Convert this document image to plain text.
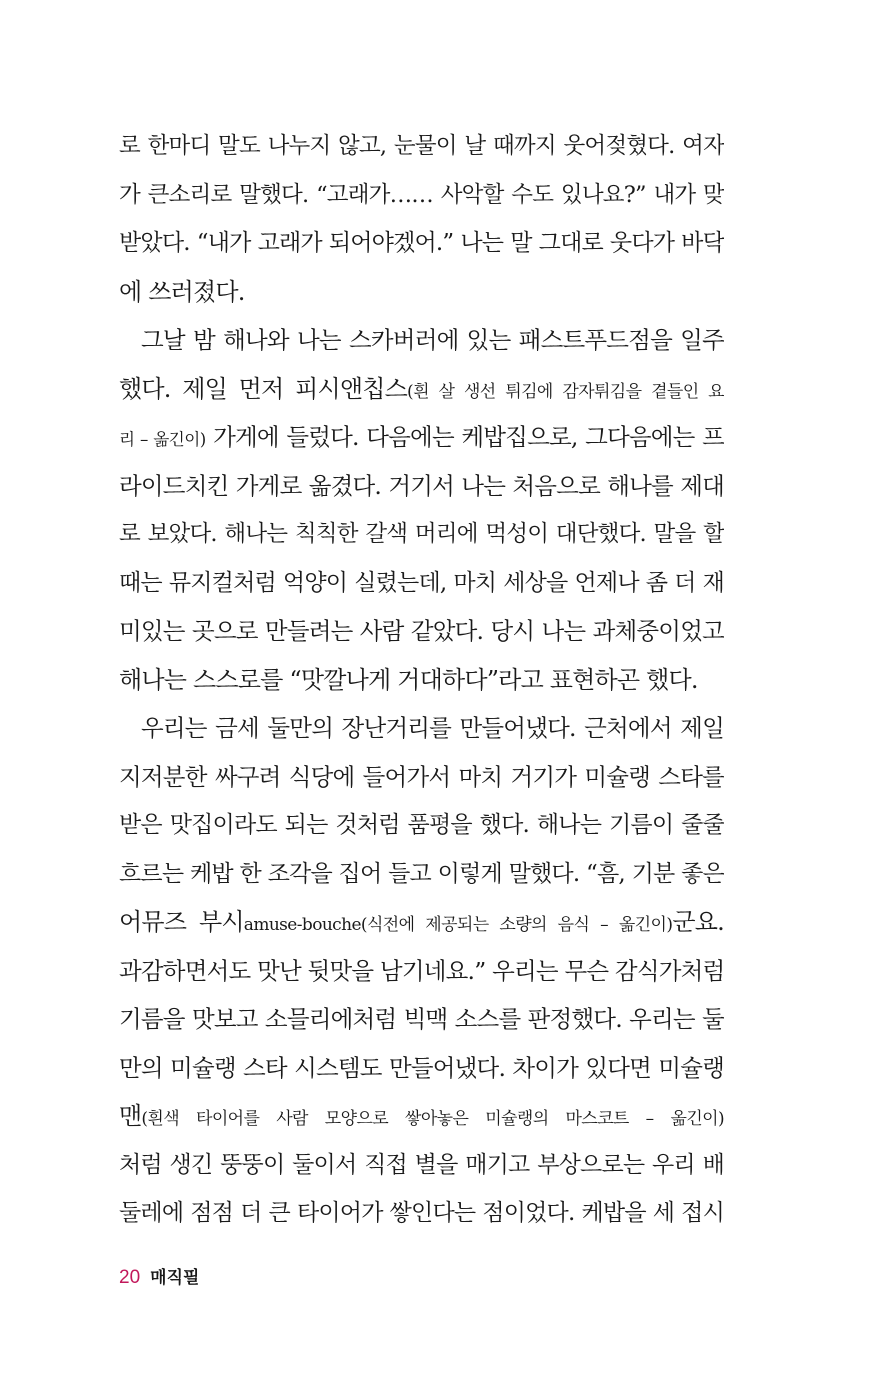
로 한마디 말도 나누지 않고, 눈물이 날 때까지 웃어젖혔다. 여자
가 큰소리로 말했다. “고래가…… 사악할 수도 있나요?” 내가 맞
받았다. “내가 고래가 되어야겠어.” 나는 말 그대로 웃다가 바닥
에 쓰러졌다.
그날 밤 해나와 나는 스카버러에 있는 패스트푸드점을 일주
했다. 제일 먼저 피시앤칩스(흰 살 생선 튀김에 감자튀김을 곁들인 요
리 – 옮긴이) 가게에 들렀다. 다음에는 케밥집으로, 그다음에는 프
라이드치킨 가게로 옮겼다. 거기서 나는 처음으로 해나를 제대
로 보았다. 해나는 칙칙한 갈색 머리에 먹성이 대단했다. 말을 할
때는 뮤지컬처럼 억양이 실렸는데, 마치 세상을 언제나 좀 더 재
미있는 곳으로 만들려는 사람 같았다. 당시 나는 과체중이었고
해나는 스스로를 “맛깔나게 거대하다”라고 표현하곤 했다.
우리는 금세 둘만의 장난거리를 만들어냈다. 근처에서 제일
지저분한 싸구려 식당에 들어가서 마치 거기가 미슐랭 스타를
받은 맛집이라도 되는 것처럼 품평을 했다. 해나는 기름이 줄줄
흐르는 케밥 한 조각을 집어 들고 이렇게 말했다. “흠, 기분 좋은
어뮤즈 부시amuse-bouche(식전에 제공되는 소량의 음식 – 옮긴이)군요.
과감하면서도 맛난 뒷맛을 남기네요.” 우리는 무슨 감식가처럼
기름을 맛보고 소믈리에처럼 빅맥 소스를 판정했다. 우리는 둘
만의 미슐랭 스타 시스템도 만들어냈다. 차이가 있다면 미슐랭
맨(흰색 타이어를 사람 모양으로 쌓아놓은 미슐랭의 마스코트 – 옮긴이)
처럼 생긴 뚱뚱이 둘이서 직접 별을 매기고 부상으로는 우리 배
둘레에 점점 더 큰 타이어가 쌓인다는 점이었다. 케밥을 세 접시
20 매직필
